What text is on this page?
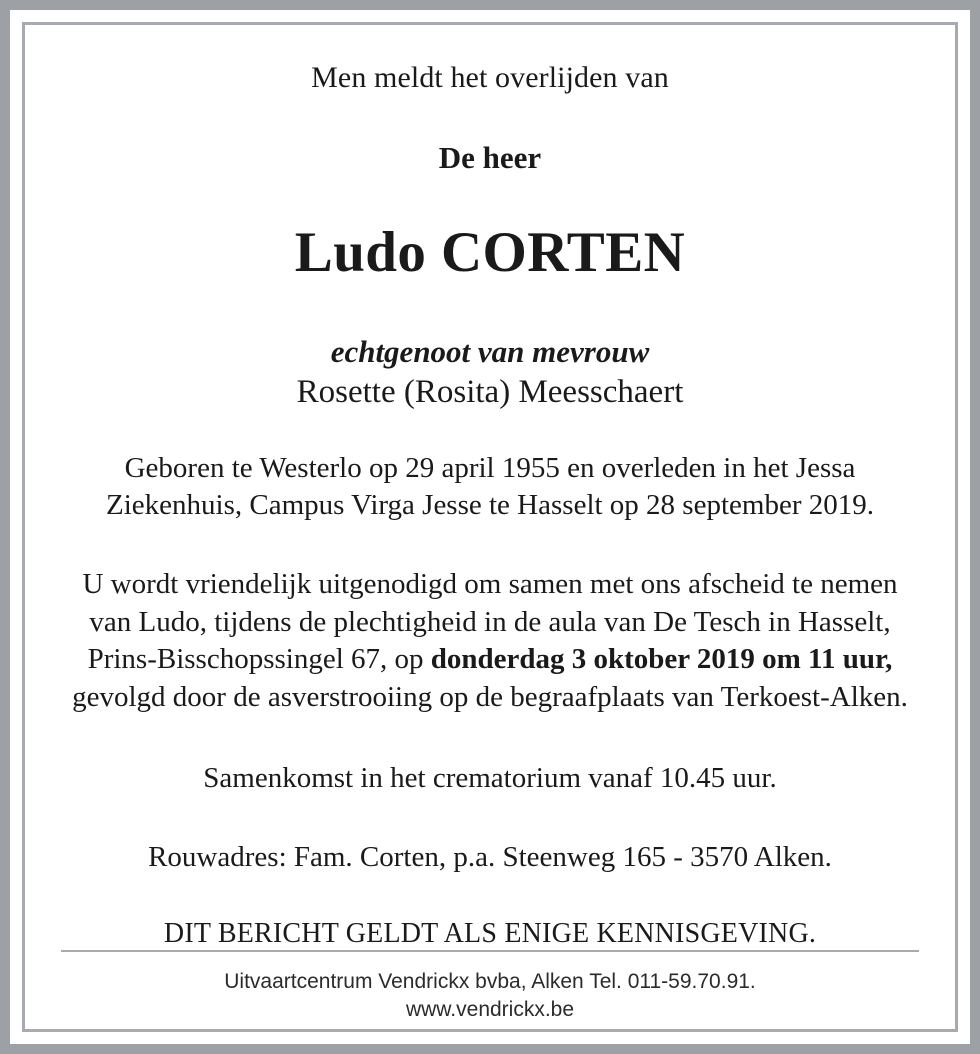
Men meldt het overlijden van

De heer

Ludo CORTEN

echtgenoot van mevrouw

Rosette (Rosita) Meesschaert

Geboren te Westerlo op 29 april 1955 en overleden in het Jessa Ziekenhuis, Campus Virga Jesse te Hasselt op 28 september 2019.

U wordt vriendelijk uitgenodigd om samen met ons afscheid te nemen van Ludo, tijdens de plechtigheid in de aula van De Tesch in Hasselt, Prins-Bisschopssingel 67, op donderdag 3 oktober 2019 om 11 uur, gevolgd door de asverstrooiing op de begraafplaats van Terkoest-Alken.

Samenkomst in het crematorium vanaf 10.45 uur.

Rouwadres: Fam. Corten, p.a. Steenweg 165 - 3570 Alken.

DIT BERICHT GELDT ALS ENIGE KENNISGEVING.

Uitvaartcentrum Vendrickx bvba, Alken Tel. 011-59.70.91.
www.vendrickx.be
